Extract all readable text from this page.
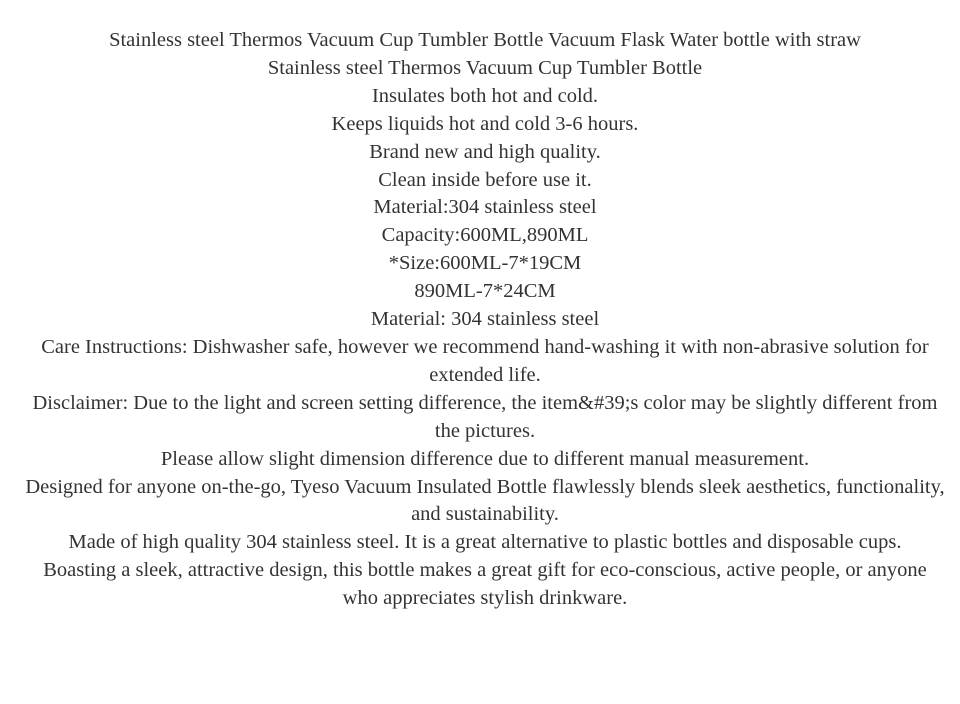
Stainless steel Thermos Vacuum Cup Tumbler Bottle Vacuum Flask Water bottle with straw

Stainless steel Thermos Vacuum Cup Tumbler Bottle

Insulates both hot and cold.

Keeps liquids hot and cold 3-6 hours.

Brand new and high quality.

Clean inside before use it.

Material:304 stainless steel

Capacity:600ML,890ML

*Size:600ML-7*19CM

890ML-7*24CM

Material: 304 stainless steel

Care Instructions: Dishwasher safe, however we recommend hand-washing it with non-abrasive solution for extended life.

Disclaimer: Due to the light and screen setting difference, the item&#39;s color may be slightly different from the pictures.

Please allow slight dimension difference due to different manual measurement.

Designed for anyone on-the-go, Tyeso Vacuum Insulated Bottle flawlessly blends sleek aesthetics, functionality, and sustainability.

Made of high quality 304 stainless steel. It is a great alternative to plastic bottles and disposable cups.

Boasting a sleek, attractive design, this bottle makes a great gift for eco-conscious, active people, or anyone who appreciates stylish drinkware.
